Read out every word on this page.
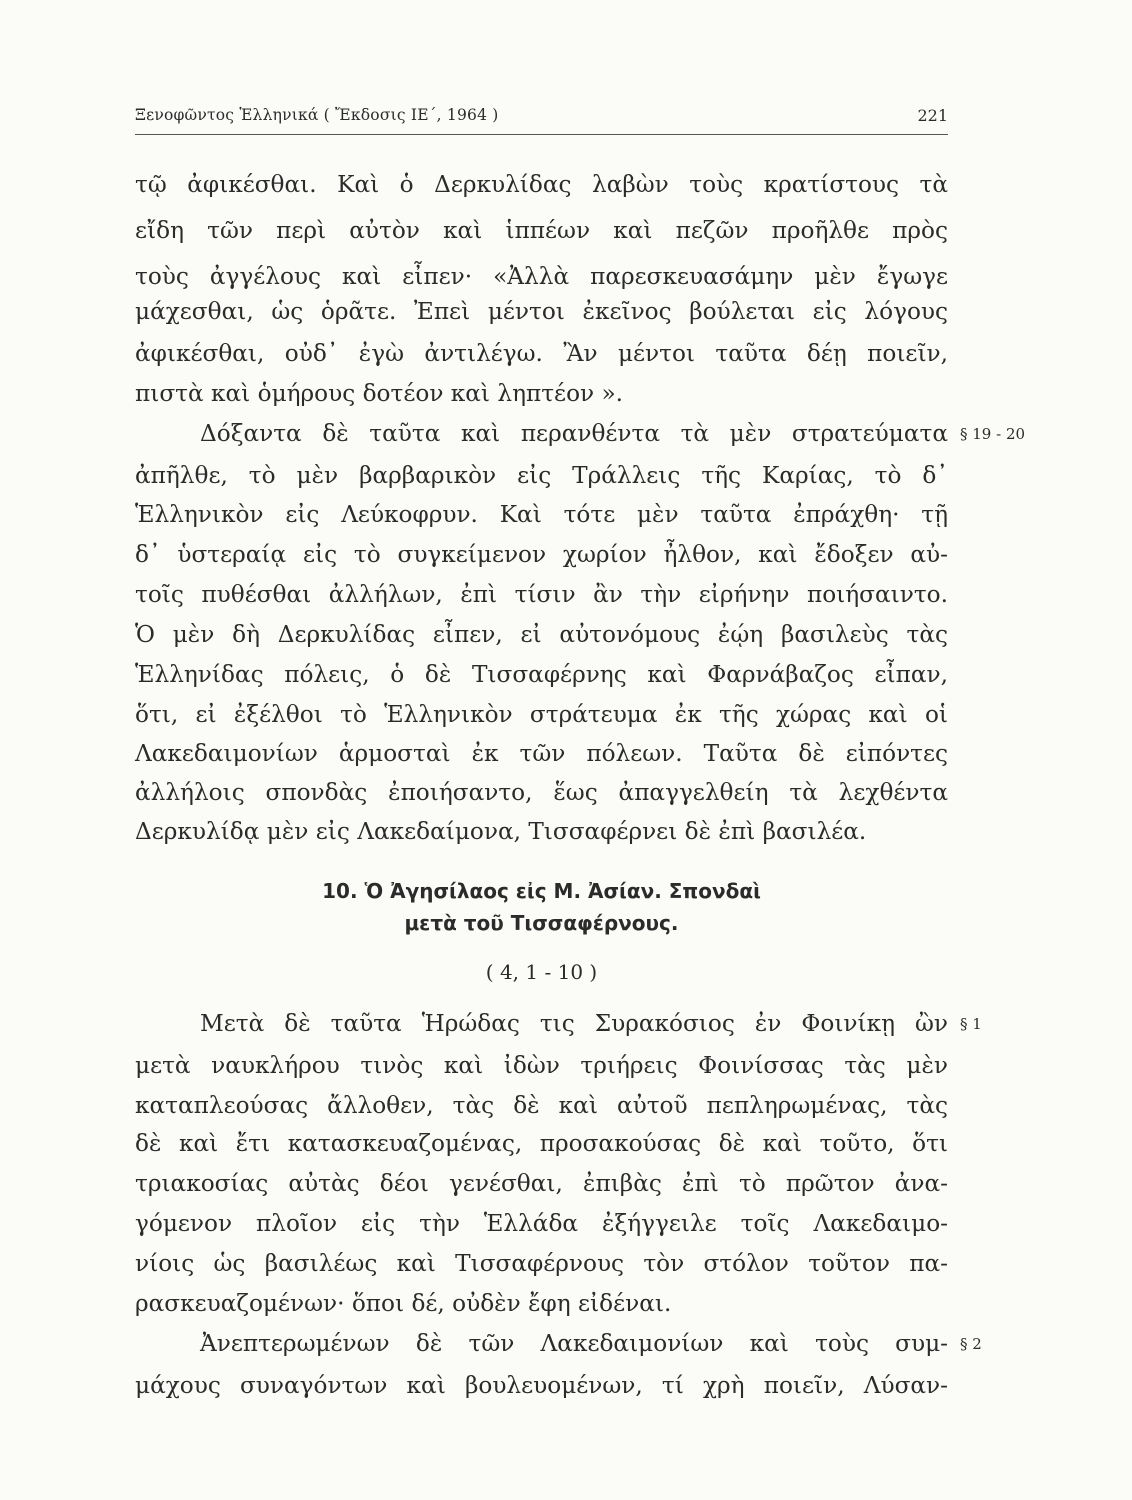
Ξενοφῶντος Ἑλληνικά ( Ἔκδοσις ΙΕ΄, 1964 )	221
τῷ ἀφικέσθαι. Καὶ ὁ Δερκυλίδας λαβὼν τοὺς κρατίστους τὰ
εἴδη τῶν περὶ αὐτὸν καὶ ἱππέων καὶ πεζῶν προῆλθε πρὸς
τοὺς ἀγγέλους καὶ εἶπεν· «Ἀλλὰ παρεσκευασάμην μὲν ἔγωγε
μάχεσθαι, ὡς ὁρᾶτε. Ἐπεὶ μέντοι ἐκεῖνος βούλεται εἰς λόγους
ἀφικέσθαι, οὐδ᾿ ἐγὼ ἀντιλέγω. Ἂν μέντοι ταῦτα δέῃ ποιεῖν,
πιστὰ καὶ ὁμήρους δοτέον καὶ ληπτέον ».
Δόξαντα δὲ ταῦτα καὶ περανθέντα τὰ μὲν στρατεύματα § 19 - 20
ἀπῆλθε, τὸ μὲν βαρβαρικὸν εἰς Τράλλεις τῆς Καρίας, τὸ δ᾿
Ἑλληνικὸν εἰς Λεύκοφρυν. Καὶ τότε μὲν ταῦτα ἐπράχθη· τῇ
δ᾿ ὑστεραίᾳ εἰς τὸ συγκείμενον χωρίον ἦλθον, καὶ ἔδοξεν αὐ-
τοῖς πυθέσθαι ἀλλήλων, ἐπὶ τίσιν ἂν τὴν εἰρήνην ποιήσαιντο.
Ὁ μὲν δὴ Δερκυλίδας εἶπεν, εἰ αὐτονόμους ἐῴη βασιλεὺς τὰς
Ἑλληνίδας πόλεις, ὁ δὲ Τισσαφέρνης καὶ Φαρνάβαζος εἶπαν,
ὅτι, εἰ ἐξέλθοι τὸ Ἑλληνικὸν στράτευμα ἐκ τῆς χώρας καὶ οἱ
Λακεδαιμονίων ἁρμοσταὶ ἐκ τῶν πόλεων. Ταῦτα δὲ εἰπόντες
ἀλλήλοις σπονδὰς ἐποιήσαντο, ἕως ἀπαγγελθείη τὰ λεχθέντα
Δερκυλίδᾳ μὲν εἰς Λακεδαίμονα, Τισσαφέρνει δὲ ἐπὶ βασιλέα.
10. Ὁ Ἀγησίλαος εἰς Μ. Ἀσίαν. Σπονδαὶ
μετὰ τοῦ Τισσαφέρνους.
( 4, 1 - 10 )
Μετὰ δὲ ταῦτα Ἡρώδας τις Συρακόσιος ἐν Φοινίκῃ ὢν § 1
μετὰ ναυκλήρου τινὸς καὶ ἰδὼν τριήρεις Φοινίσσας τὰς μὲν
καταπλεούσας ἄλλοθεν, τὰς δὲ καὶ αὐτοῦ πεπληρωμένας, τὰς
δὲ καὶ ἔτι κατασκευαζομένας, προσακούσας δὲ καὶ τοῦτο, ὅτι
τριακοσίας αὐτὰς δέοι γενέσθαι, ἐπιβὰς ἐπὶ τὸ πρῶτον ἀνα-
γόμενον πλοῖον εἰς τὴν Ἑλλάδα ἐξήγγειλε τοῖς Λακεδαιμο-
νίοις ὡς βασιλέως καὶ Τισσαφέρνους τὸν στόλον τοῦτον πα-
ρασκευαζομένων· ὅποι δέ, οὐδὲν ἔφη εἰδέναι.
Ἀνεπτερωμένων δὲ τῶν Λακεδαιμονίων καὶ τοὺς συμ- § 2
μάχους συναγόντων καὶ βουλευομένων, τί χρὴ ποιεῖν, Λύσαν-
